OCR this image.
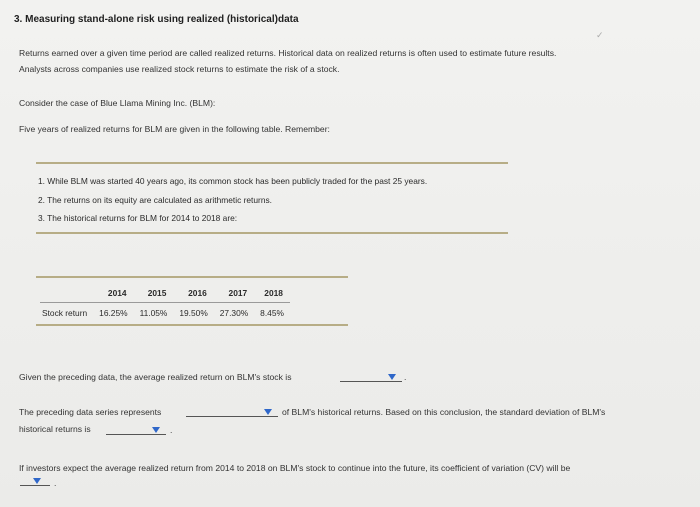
3. Measuring stand-alone risk using realized (historical)data
Returns earned over a given time period are called realized returns. Historical data on realized returns is often used to estimate future results.
Analysts across companies use realized stock returns to estimate the risk of a stock.
Consider the case of Blue Llama Mining Inc. (BLM):
Five years of realized returns for BLM are given in the following table. Remember:
1. While BLM was started 40 years ago, its common stock has been publicly traded for the past 25 years.
2. The returns on its equity are calculated as arithmetic returns.
3. The historical returns for BLM for 2014 to 2018 are:
	2014	2015	2016	2017	2018
Stock return	16.25%	11.05%	19.50%	27.30%	8.45%
Given the preceding data, the average realized return on BLM's stock is	.
The preceding data series represents	of BLM's historical returns. Based on this conclusion, the standard deviation of BLM's
historical returns is	.
If investors expect the average realized return from 2014 to 2018 on BLM's stock to continue into the future, its coefficient of variation (CV) will be
.
✓
